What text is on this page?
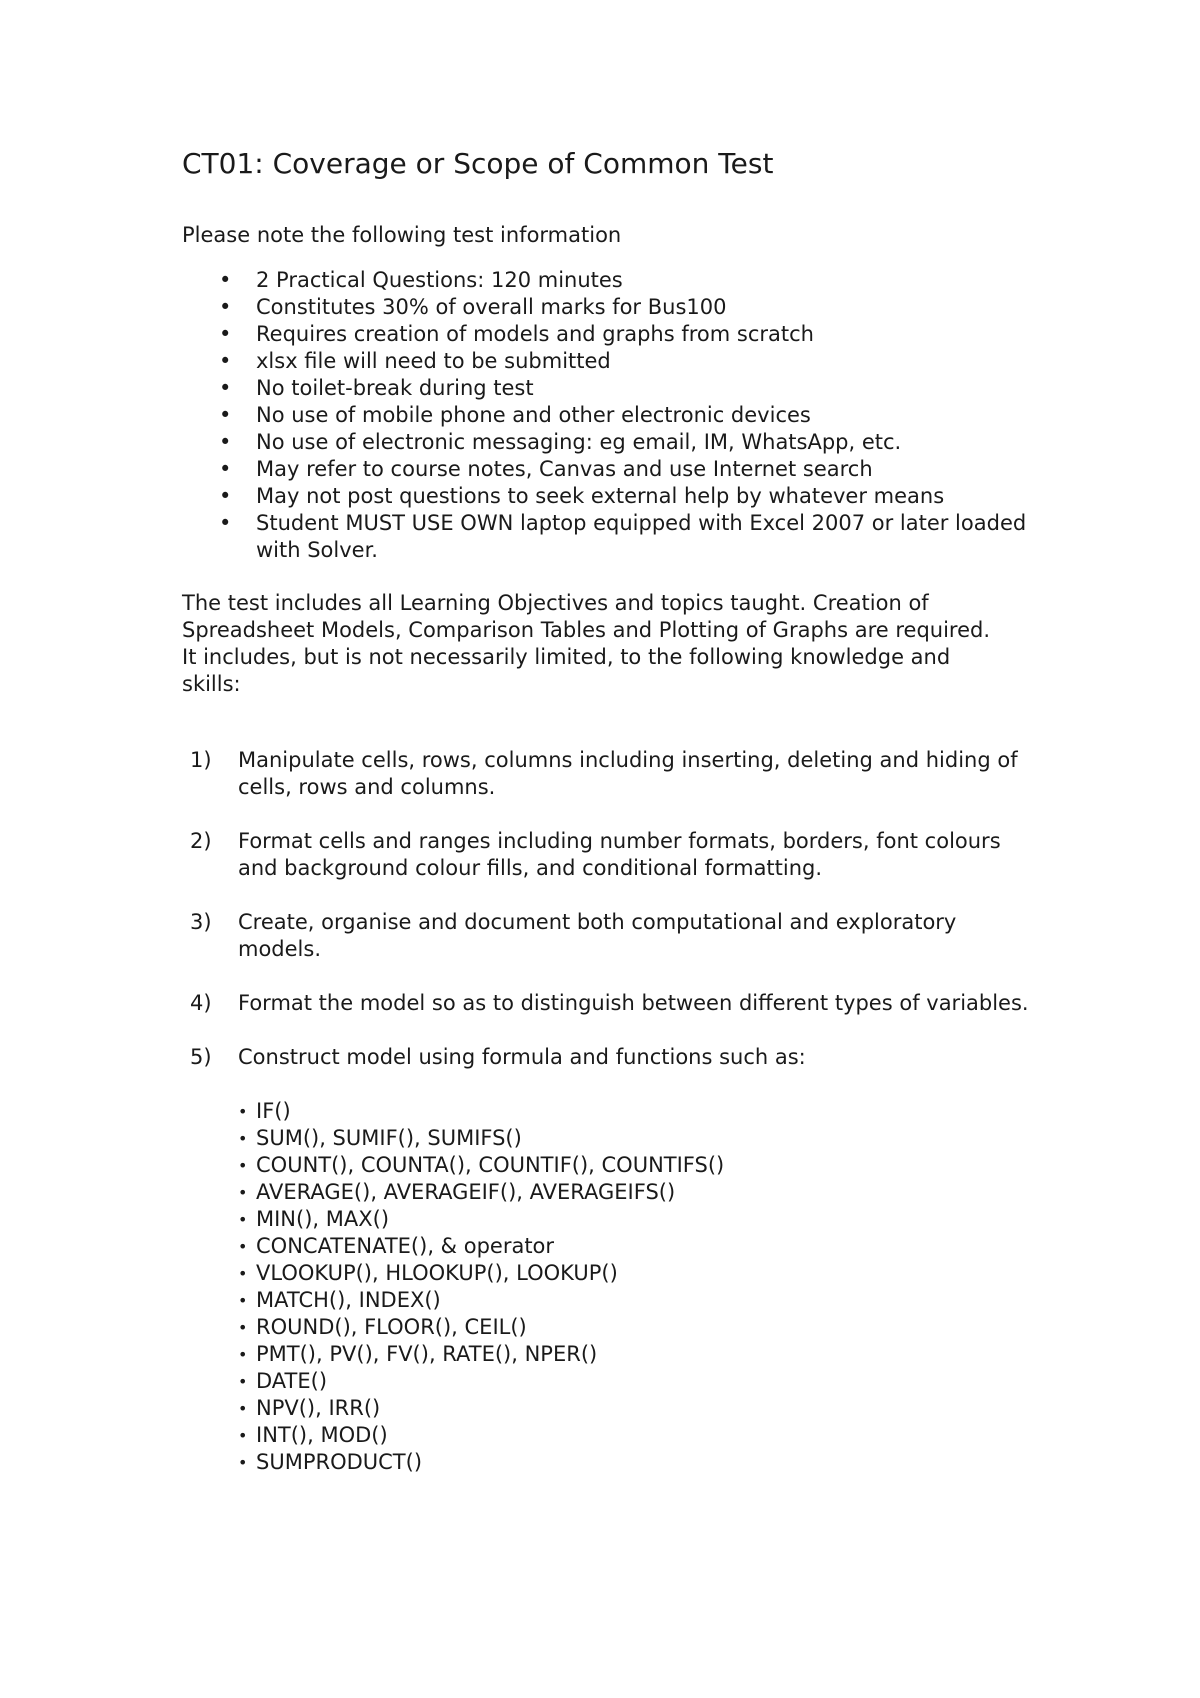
CT01: Coverage or Scope of Common Test

Please note the following test information

• 2 Practical Questions: 120 minutes
• Constitutes 30% of overall marks for Bus100
• Requires creation of models and graphs from scratch
• xlsx file will need to be submitted
• No toilet-break during test
• No use of mobile phone and other electronic devices
• No use of electronic messaging: eg email, IM, WhatsApp, etc.
• May refer to course notes, Canvas and use Internet search
• May not post questions to seek external help by whatever means
• Student MUST USE OWN laptop equipped with Excel 2007 or later loaded with Solver.

The test includes all Learning Objectives and topics taught. Creation of Spreadsheet Models, Comparison Tables and Plotting of Graphs are required. It includes, but is not necessarily limited, to the following knowledge and skills:

1) Manipulate cells, rows, columns including inserting, deleting and hiding of cells, rows and columns.
2) Format cells and ranges including number formats, borders, font colours and background colour fills, and conditional formatting.
3) Create, organise and document both computational and exploratory models.
4) Format the model so as to distinguish between different types of variables.
5) Construct model using formula and functions such as:
• IF()
• SUM(), SUMIF(), SUMIFS()
• COUNT(), COUNTA(), COUNTIF(), COUNTIFS()
• AVERAGE(), AVERAGEIF(), AVERAGEIFS()
• MIN(), MAX()
• CONCATENATE(), & operator
• VLOOKUP(), HLOOKUP(), LOOKUP()
• MATCH(), INDEX()
• ROUND(), FLOOR(), CEIL()
• PMT(), PV(), FV(), RATE(), NPER()
• DATE()
• NPV(), IRR()
• INT(), MOD()
• SUMPRODUCT()
